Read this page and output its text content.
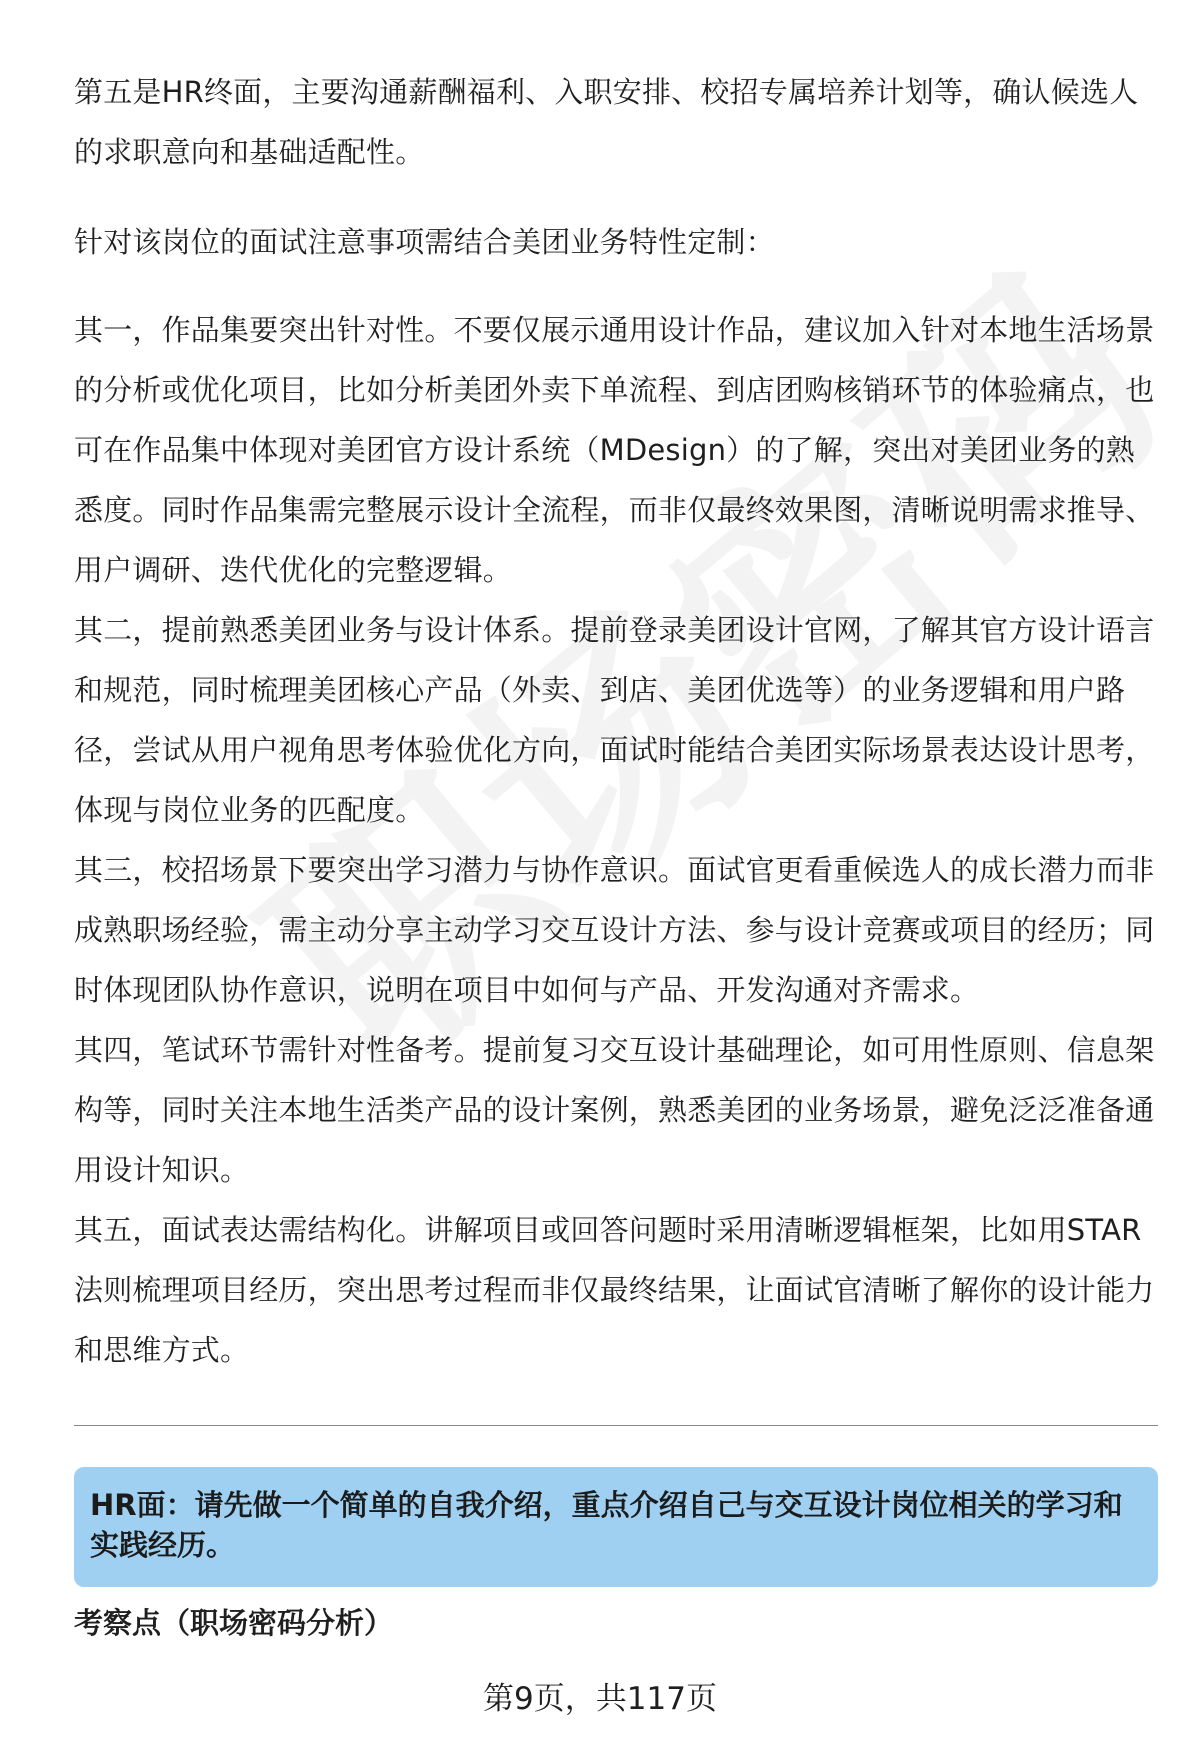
第五是HR终面，主要沟通薪酬福利、入职安排、校招专属培养计划等，确认候选人的求职意向和基础适配性。

针对该岗位的面试注意事项需结合美团业务特性定制：

其一，作品集要突出针对性。不要仅展示通用设计作品，建议加入针对本地生活场景的分析或优化项目，比如分析美团外卖下单流程、到店团购核销环节的体验痛点，也可在作品集中体现对美团官方设计系统（MDesign）的了解，突出对美团业务的熟悉度。同时作品集需完整展示设计全流程，而非仅最终效果图，清晰说明需求推导、用户调研、迭代优化的完整逻辑。

其二，提前熟悉美团业务与设计体系。提前登录美团设计官网，了解其官方设计语言和规范，同时梳理美团核心产品（外卖、到店、美团优选等）的业务逻辑和用户路径，尝试从用户视角思考体验优化方向，面试时能结合美团实际场景表达设计思考，体现与岗位业务的匹配度。

其三，校招场景下要突出学习潜力与协作意识。面试官更看重候选人的成长潜力而非成熟职场经验，需主动分享主动学习交互设计方法、参与设计竞赛或项目的经历；同时体现团队协作意识，说明在项目中如何与产品、开发沟通对齐需求。

其四，笔试环节需针对性备考。提前复习交互设计基础理论，如可用性原则、信息架构等，同时关注本地生活类产品的设计案例，熟悉美团的业务场景，避免泛泛准备通用设计知识。

其五，面试表达需结构化。讲解项目或回答问题时采用清晰逻辑框架，比如用STAR法则梳理项目经历，突出思考过程而非仅最终结果，让面试官清晰了解你的设计能力和思维方式。

HR面：请先做一个简单的自我介绍，重点介绍自己与交互设计岗位相关的学习和实践经历。

考察点（职场密码分析）

第9页，共117页
